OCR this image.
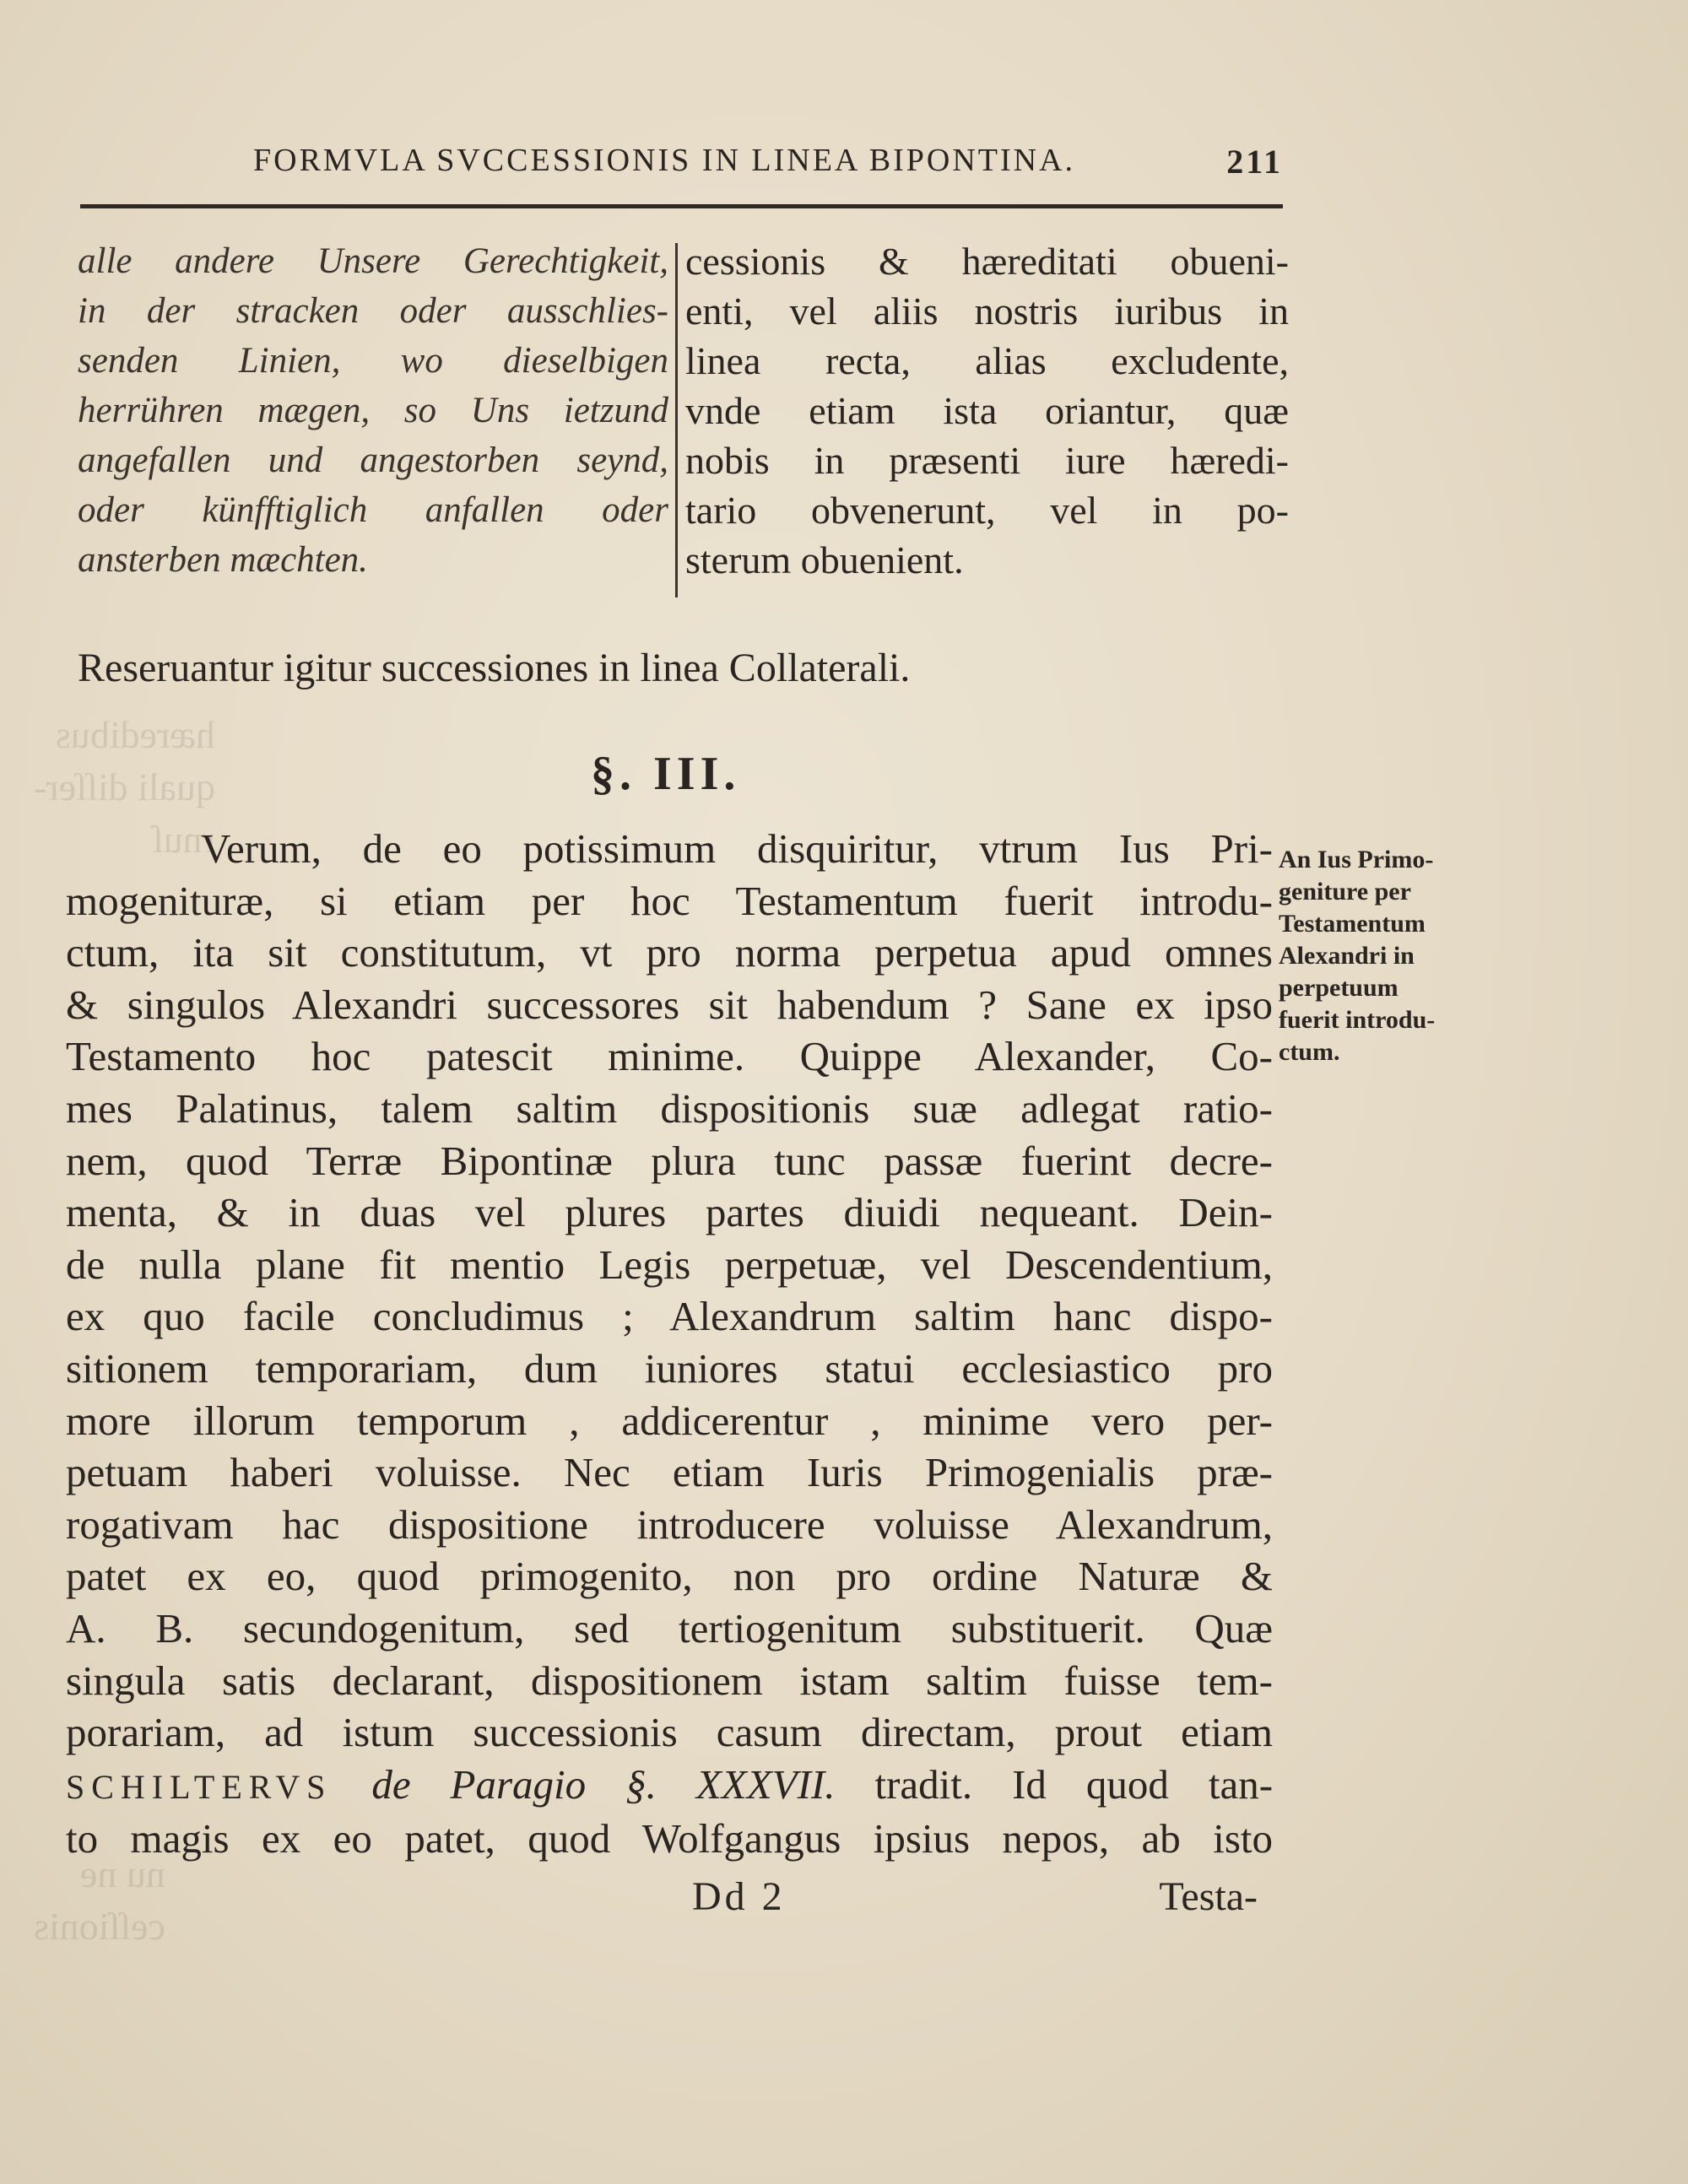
hæredibus
quali diſſer-
rnuſ
nu ne
ceſſionis
FORMVLA SVCCESSIONIS IN LINEA BIPONTINA.	211
alle andere Unsere Gerechtigkeit,
in der stracken oder ausschlies-
senden Linien, wo dieselbigen
herrühren mægen, so Uns ietzund
angefallen und angestorben seynd,
oder künfftiglich anfallen oder
ansterben mæchten.
cessionis & hæreditati obueni-
enti, vel aliis nostris iuribus in
linea recta, alias excludente,
vnde etiam ista oriantur, quæ
nobis in præsenti iure hæredi-
tario obvenerunt, vel in po-
sterum obuenient.
Reseruantur igitur successiones in linea Collaterali.
§. III.
Verum, de eo potissimum disquiritur, vtrum Ius Pri-
mogenituræ, si etiam per hoc Testamentum fuerit introdu-
ctum, ita sit constitutum, vt pro norma perpetua apud omnes
& singulos Alexandri successores sit habendum ? Sane ex ipso
Testamento hoc patescit minime. Quippe Alexander, Co-
mes Palatinus, talem saltim dispositionis suæ adlegat ratio-
nem, quod Terræ Bipontinæ plura tunc passæ fuerint decre-
menta, & in duas vel plures partes diuidi nequeant. Dein-
de nulla plane fit mentio Legis perpetuæ, vel Descendentium,
ex quo facile concludimus ; Alexandrum saltim hanc dispo-
sitionem temporariam, dum iuniores statui ecclesiastico pro
more illorum temporum , addicerentur , minime vero per-
petuam haberi voluisse. Nec etiam Iuris Primogenialis præ-
rogativam hac dispositione introducere voluisse Alexandrum,
patet ex eo, quod primogenito, non pro ordine Naturæ &
A. B. secundogenitum, sed tertiogenitum substituerit. Quæ
singula satis declarant, dispositionem istam saltim fuisse tem-
porariam, ad istum successionis casum directam, prout etiam
SCHILTERVS de Paragio §. XXXVII. tradit. Id quod tan-
to magis ex eo patet, quod Wolfgangus ipsius nepos, ab isto
An Ius Primo-
geniture per
Testamentum
Alexandri in
perpetuum
fuerit introdu-
ctum.
Dd 2	Testa-
